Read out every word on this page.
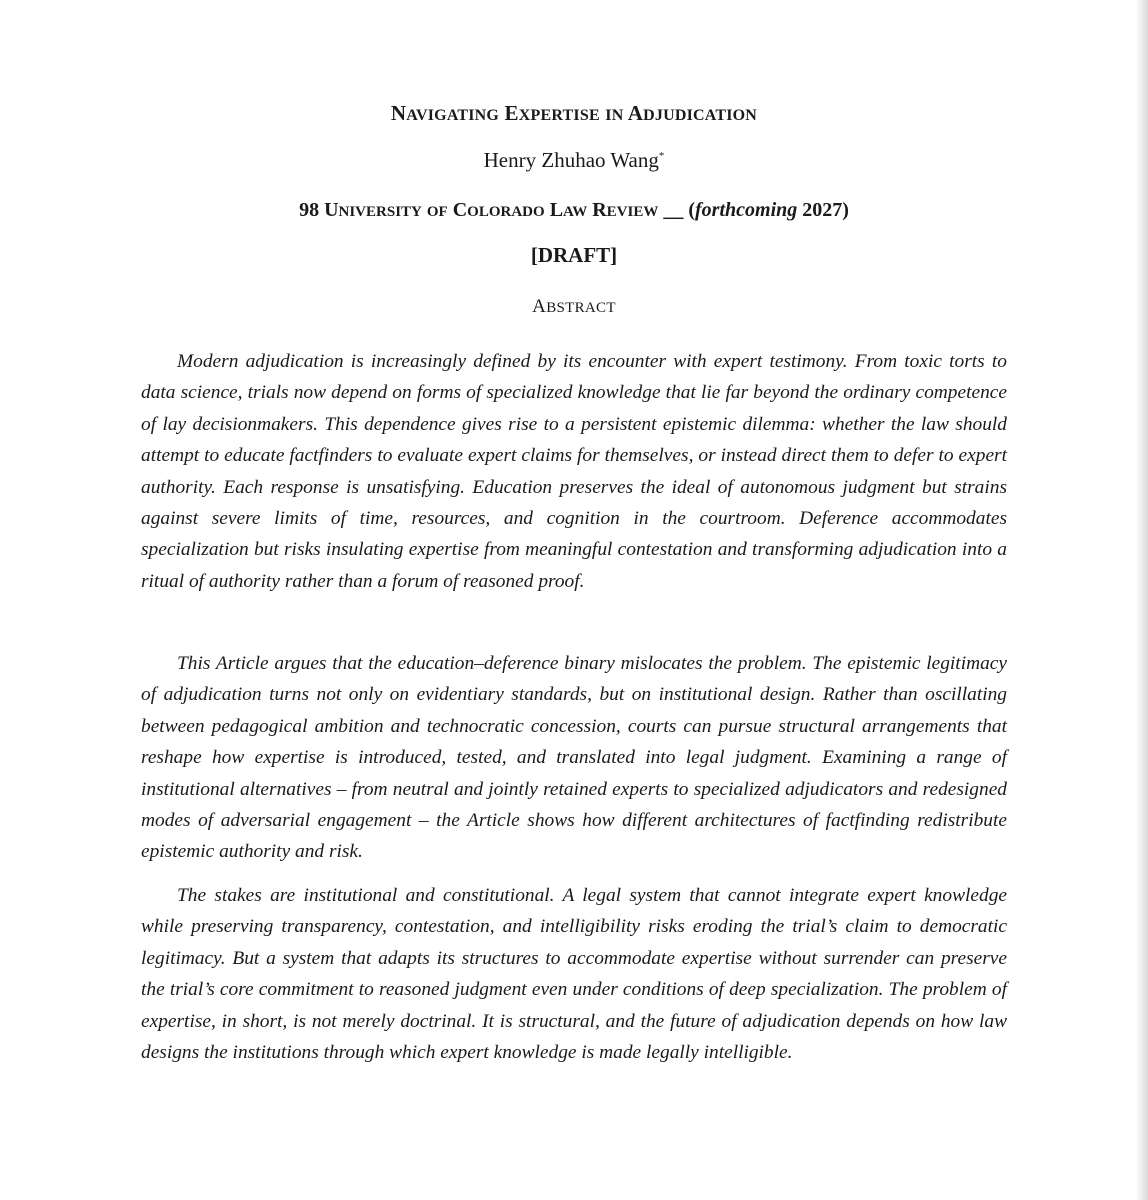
NAVIGATING EXPERTISE IN ADJUDICATION
Henry Zhuhao Wang*
98 UNIVERSITY OF COLORADO LAW REVIEW __ (forthcoming 2027)
[DRAFT]
ABSTRACT

Modern adjudication is increasingly defined by its encounter with expert testimony. From toxic torts to data science, trials now depend on forms of specialized knowledge that lie far beyond the ordinary competence of lay decisionmakers. This dependence gives rise to a persistent epistemic dilemma: whether the law should attempt to educate factfinders to evaluate expert claims for themselves, or instead direct them to defer to expert authority. Each response is unsatisfying. Education preserves the ideal of autonomous judgment but strains against severe limits of time, resources, and cognition in the courtroom. Deference accommodates specialization but risks insulating expertise from meaningful contestation and transforming adjudication into a ritual of authority rather than a forum of reasoned proof.

This Article argues that the education–deference binary mislocates the problem. The epistemic legitimacy of adjudication turns not only on evidentiary standards, but on institutional design. Rather than oscillating between pedagogical ambition and technocratic concession, courts can pursue structural arrangements that reshape how expertise is introduced, tested, and translated into legal judgment. Examining a range of institutional alternatives – from neutral and jointly retained experts to specialized adjudicators and redesigned modes of adversarial engagement – the Article shows how different architectures of factfinding redistribute epistemic authority and risk.

The stakes are institutional and constitutional. A legal system that cannot integrate expert knowledge while preserving transparency, contestation, and intelligibility risks eroding the trial’s claim to democratic legitimacy. But a system that adapts its structures to accommodate expertise without surrender can preserve the trial’s core commitment to reasoned judgment even under conditions of deep specialization. The problem of expertise, in short, is not merely doctrinal. It is structural, and the future of adjudication depends on how law designs the institutions through which expert knowledge is made legally intelligible.
